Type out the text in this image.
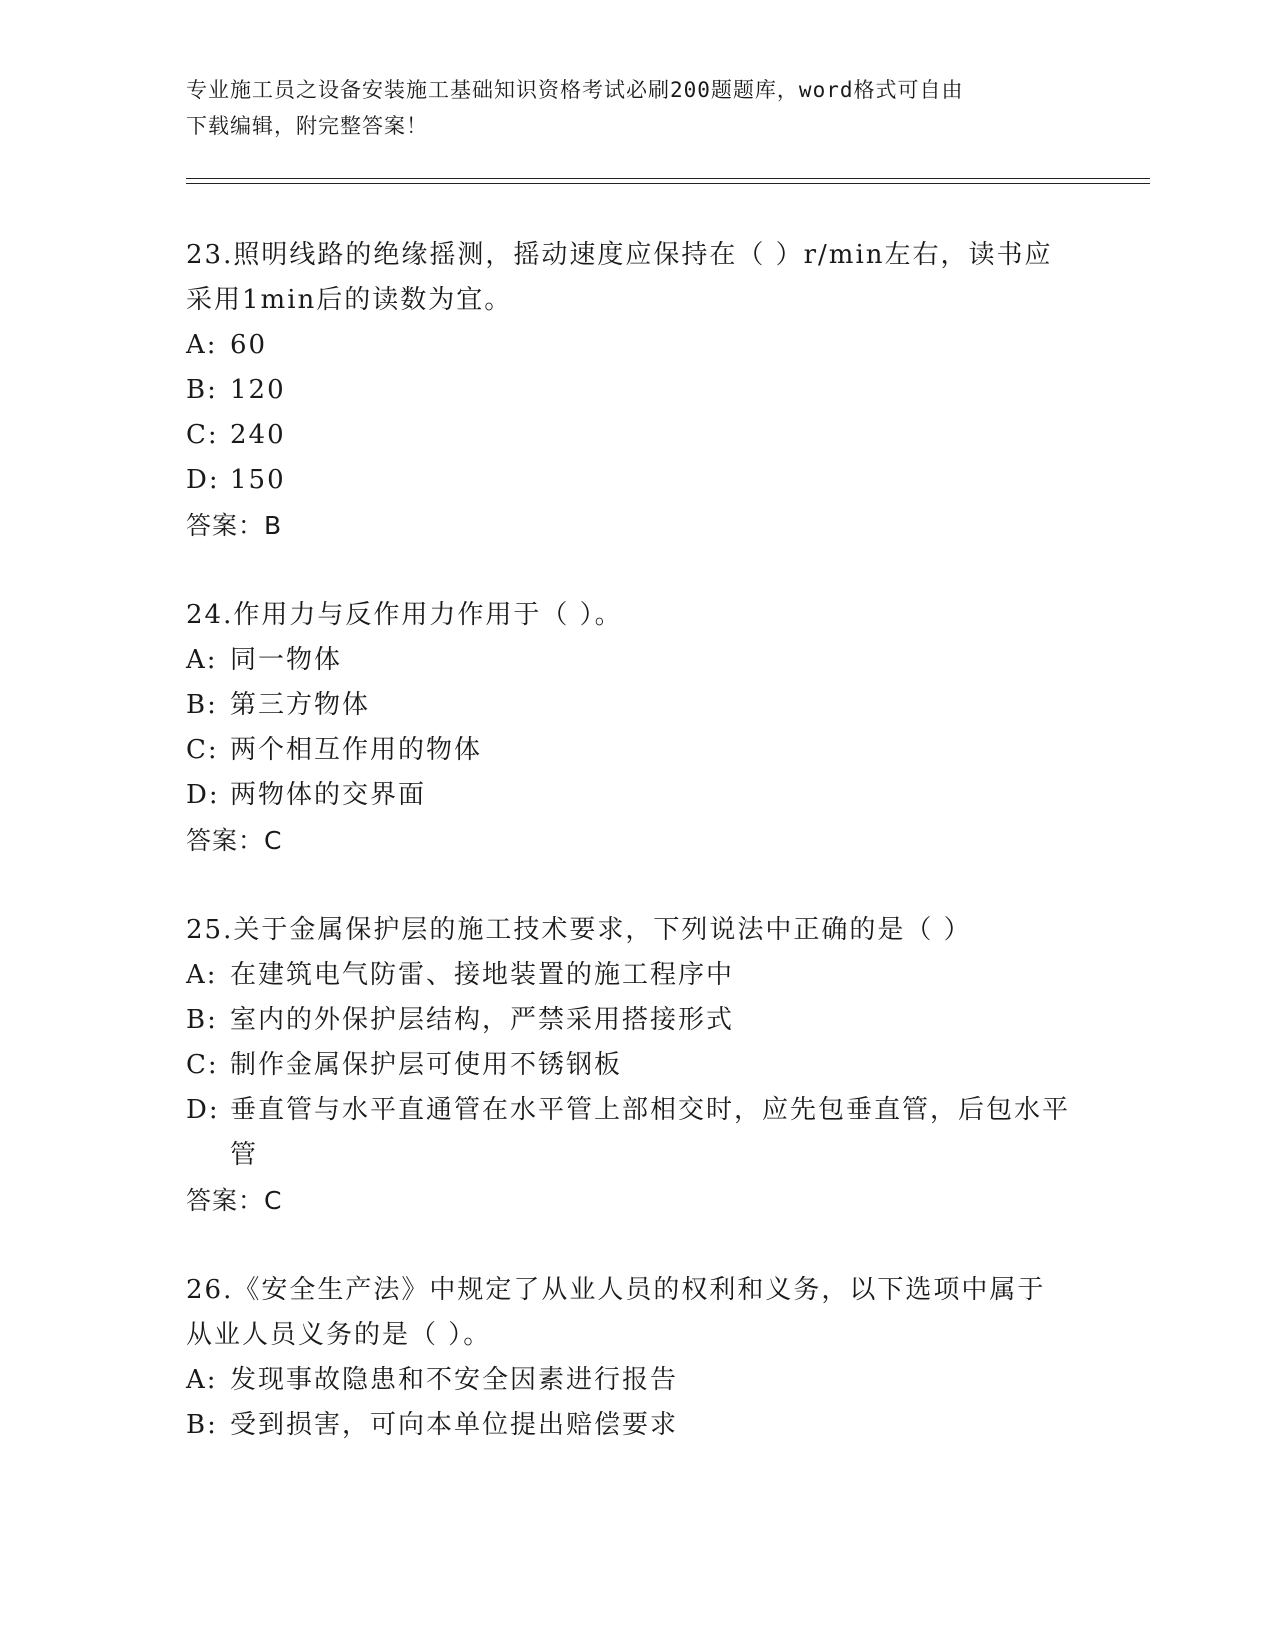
专业施工员之设备安装施工基础知识资格考试必刷200题题库，word格式可自由
下载编辑，附完整答案！

23.照明线路的绝缘摇测，摇动速度应保持在（ ）r/min左右，读书应

采用1min后的读数为宜。

A: 60

B: 120

C: 240

D: 150

答案：B

24.作用力与反作用力作用于（ ）。

A: 同一物体

B: 第三方物体

C: 两个相互作用的物体

D: 两物体的交界面

答案：C

25.关于金属保护层的施工技术要求，下列说法中正确的是（ ）

A: 在建筑电气防雷、接地装置的施工程序中

B: 室内的外保护层结构，严禁采用搭接形式

C: 制作金属保护层可使用不锈钢板

D: 垂直管与水平直通管在水平管上部相交时，应先包垂直管，后包水平管

答案：C

26.《安全生产法》中规定了从业人员的权利和义务，以下选项中属于

从业人员义务的是（ ）。

A: 发现事故隐患和不安全因素进行报告

B: 受到损害，可向本单位提出赔偿要求
